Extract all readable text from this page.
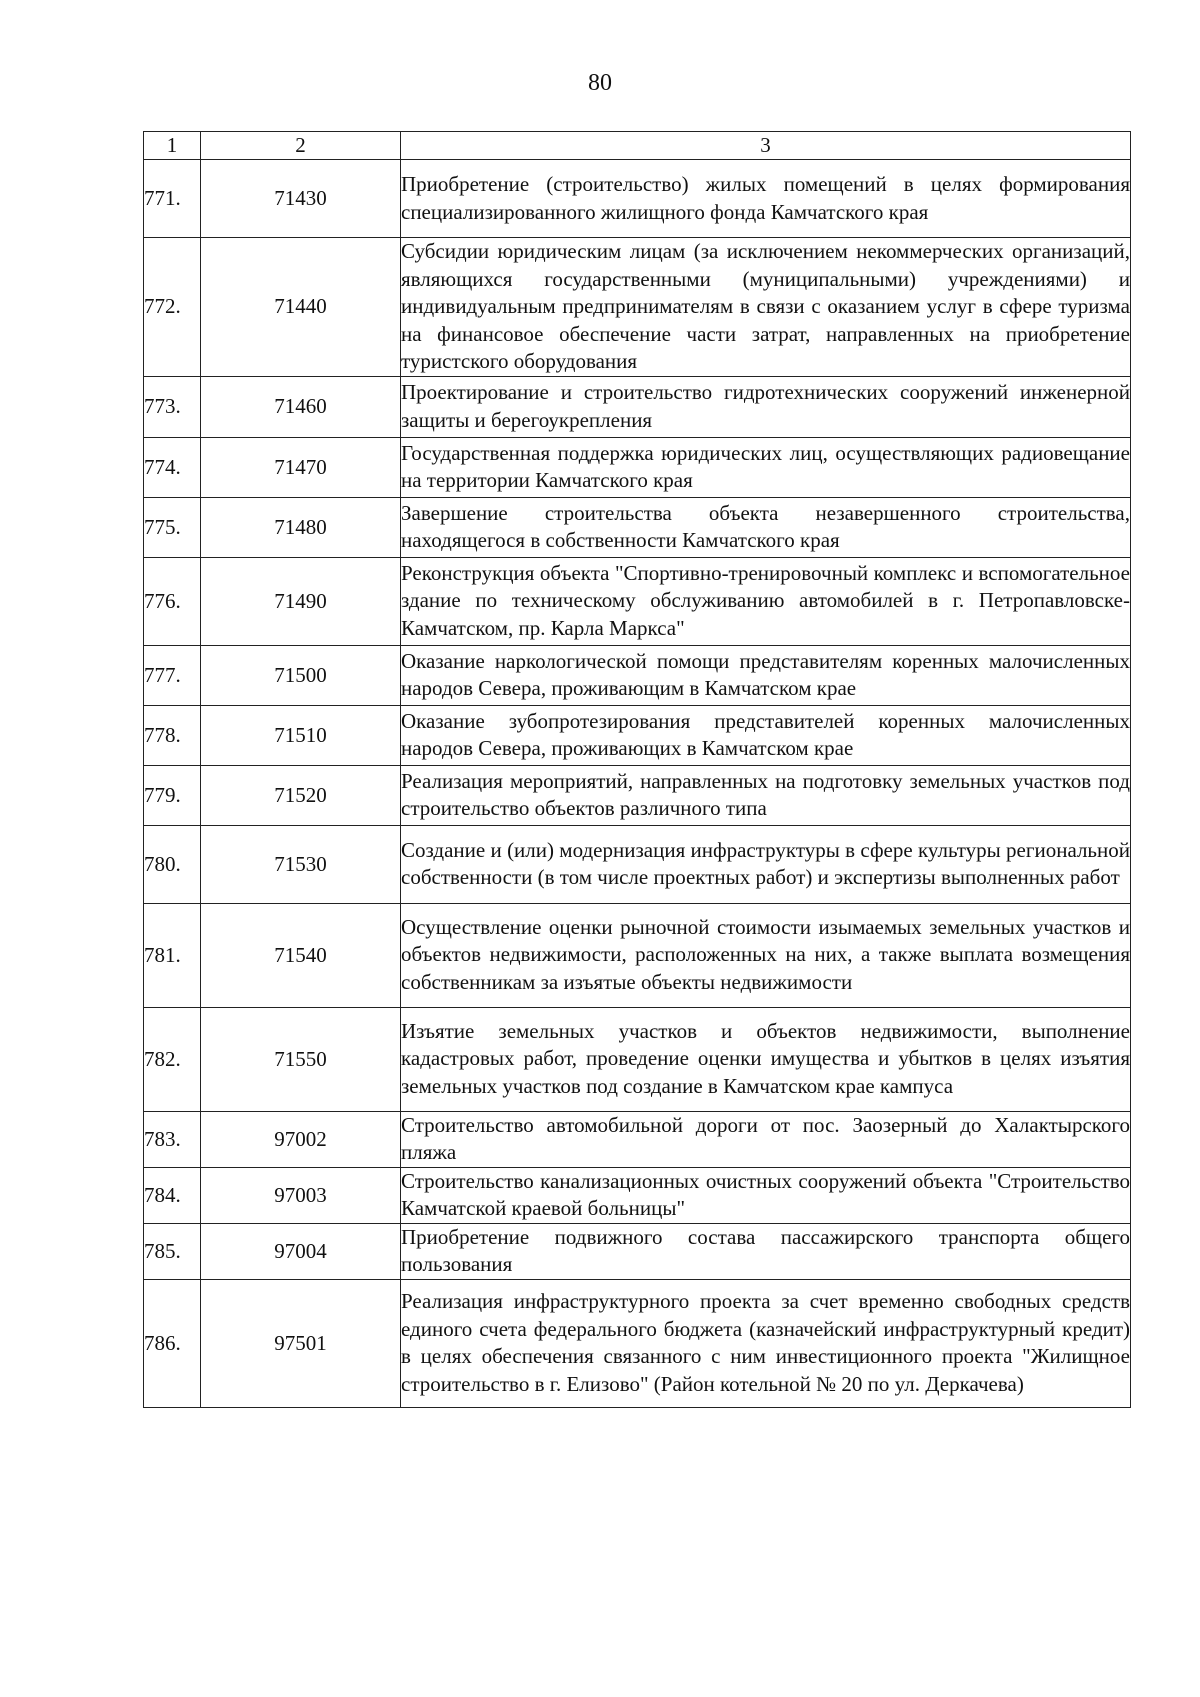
80
1	2	3
771.	71430	Приобретение (строительство) жилых помещений в целях формирования специализированного жилищного фонда Камчатского края
772.	71440	Субсидии юридическим лицам (за исключением некоммерческих организаций, являющихся государственными (муниципальными) учреждениями) и индивидуальным предпринимателям в связи с оказанием услуг в сфере туризма на финансовое обеспечение части затрат, направленных на приобретение туристского оборудования
773.	71460	Проектирование и строительство гидротехнических сооружений инженерной защиты и берегоукрепления
774.	71470	Государственная поддержка юридических лиц, осуществляющих радиовещание на территории Камчатского края
775.	71480	Завершение строительства объекта незавершенного строительства, находящегося в собственности Камчатского края
776.	71490	Реконструкция объекта "Спортивно-тренировочный комплекс и вспомогательное здание по техническому обслуживанию автомобилей в г. Петропавловске-Камчатском, пр. Карла Маркса"
777.	71500	Оказание наркологической помощи представителям коренных малочисленных народов Севера, проживающим в Камчатском крае
778.	71510	Оказание зубопротезирования представителей коренных малочисленных народов Севера, проживающих в Камчатском крае
779.	71520	Реализация мероприятий, направленных на подготовку земельных участков под строительство объектов различного типа
780.	71530	Создание и (или) модернизация инфраструктуры в сфере культуры региональной собственности (в том числе проектных работ) и экспертизы выполненных работ
781.	71540	Осуществление оценки рыночной стоимости изымаемых земельных участков и объектов недвижимости, расположенных на них, а также выплата возмещения собственникам за изъятые объекты недвижимости
782.	71550	Изъятие земельных участков и объектов недвижимости, выполнение кадастровых работ, проведение оценки имущества и убытков в целях изъятия земельных участков под создание в Камчатском крае кампуса
783.	97002	Строительство автомобильной дороги от пос. Заозерный до Халактырского пляжа
784.	97003	Строительство канализационных очистных сооружений объекта "Строительство Камчатской краевой больницы"
785.	97004	Приобретение подвижного состава пассажирского транспорта общего пользования
786.	97501	Реализация инфраструктурного проекта за счет временно свободных средств единого счета федерального бюджета (казначейский инфраструктурный кредит) в целях обеспечения связанного с ним инвестиционного проекта "Жилищное строительство в г. Елизово" (Район котельной № 20 по ул. Деркачева)
